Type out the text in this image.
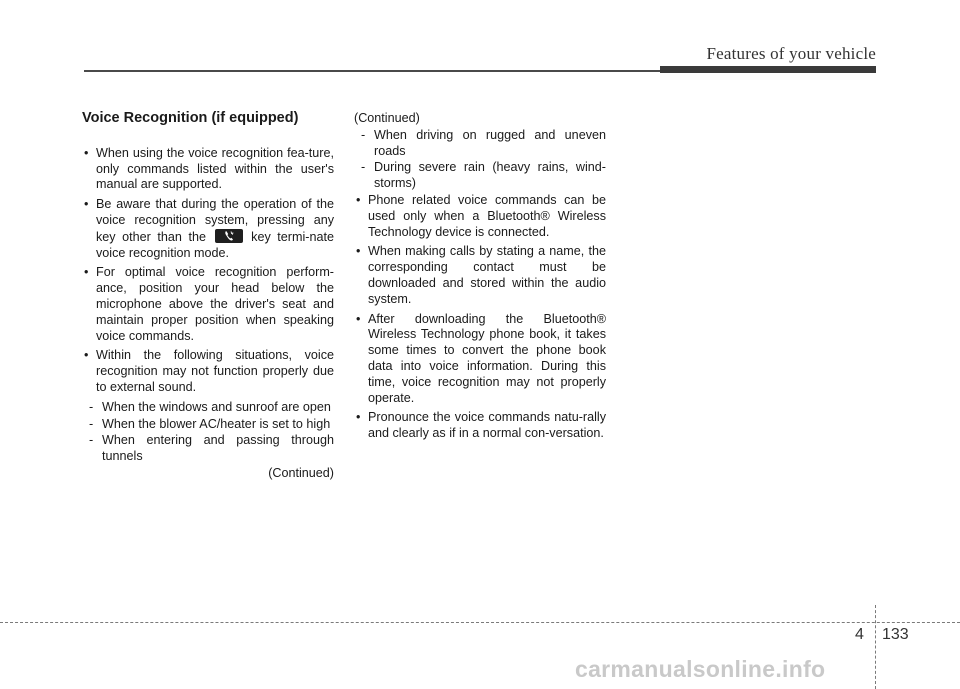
Features of your vehicle
Voice Recognition (if equipped)
• When using the voice recognition fea-ture, only commands listed within the user's manual are supported.
• Be aware that during the operation of the voice recognition system, pressing any key other than the	key termi-nate voice recognition mode.
• For optimal voice recognition perform-ance, position your head below the microphone above the driver's seat and maintain proper position when speaking voice commands.
• Within the following situations, voice recognition may not function properly due to external sound.
- When the windows and sunroof are open
- When the blower AC/heater is set to high
- When entering and passing through tunnels
(Continued)
(Continued)
- When driving on rugged and uneven roads
- During severe rain (heavy rains, wind-storms)
• Phone related voice commands can be used only when a Bluetooth® Wireless Technology device is connected.
• When making calls by stating a name, the corresponding contact must be downloaded and stored within the audio system.
• After downloading the Bluetooth® Wireless Technology phone book, it takes some times to convert the phone book data into voice information. During this time, voice recognition may not properly operate.
• Pronounce the voice commands natu-rally and clearly as if in a normal con-versation.
4 133
carmanualsonline.info
